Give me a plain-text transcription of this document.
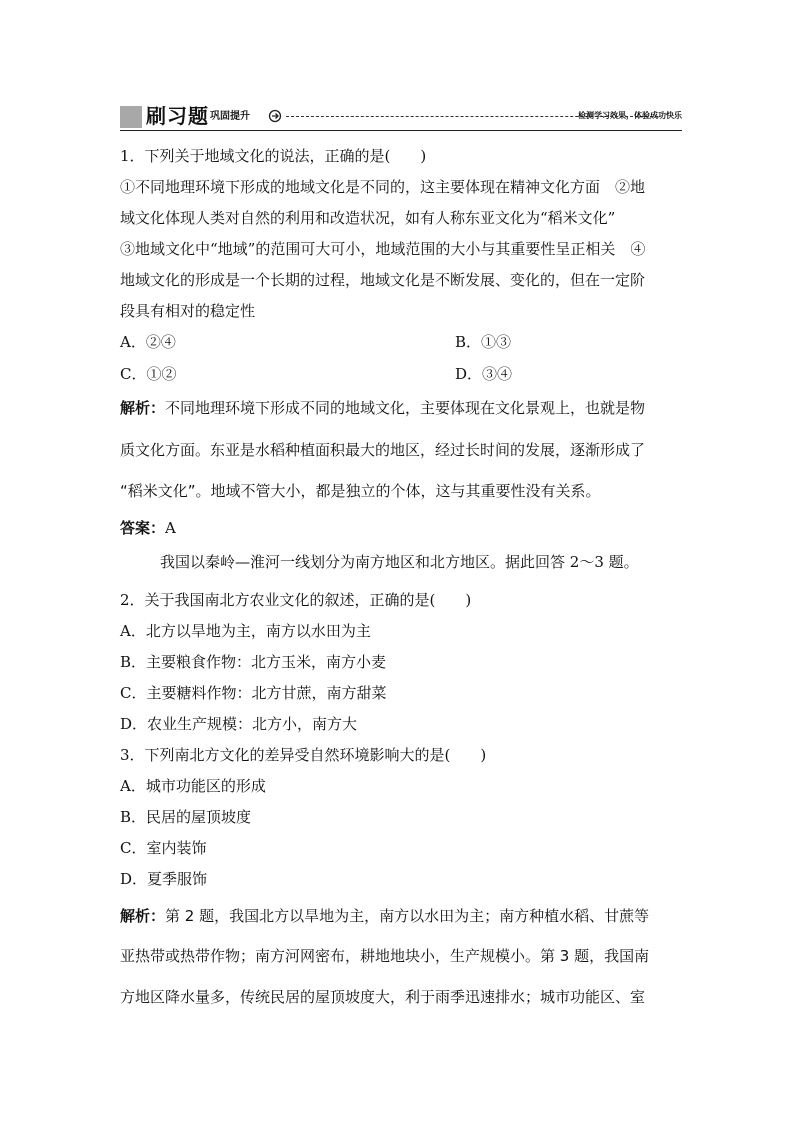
刷习题 巩固提升	检测学习效果，体验成功快乐
1．下列关于地域文化的说法，正确的是(　　)
①不同地理环境下形成的地域文化是不同的，这主要体现在精神文化方面　②地
域文化体现人类对自然的利用和改造状况，如有人称东亚文化为“稻米文化”
③地域文化中“地域”的范围可大可小，地域范围的大小与其重要性呈正相关　④
地域文化的形成是一个长期的过程，地域文化是不断发展、变化的，但在一定阶
段具有相对的稳定性
A．②④	B．①③
C．①②	D．③④
解析：不同地理环境下形成不同的地域文化，主要体现在文化景观上，也就是物
质文化方面。东亚是水稻种植面积最大的地区，经过长时间的发展，逐渐形成了
“稻米文化”。地域不管大小，都是独立的个体，这与其重要性没有关系。
答案：A
我国以秦岭—淮河一线划分为南方地区和北方地区。据此回答 2～3 题。
2．关于我国南北方农业文化的叙述，正确的是(　　)
A．北方以旱地为主，南方以水田为主
B．主要粮食作物：北方玉米，南方小麦
C．主要糖料作物：北方甘蔗，南方甜菜
D．农业生产规模：北方小，南方大
3．下列南北方文化的差异受自然环境影响大的是(　　)
A．城市功能区的形成
B．民居的屋顶坡度
C．室内装饰
D．夏季服饰
解析：第 2 题，我国北方以旱地为主，南方以水田为主；南方种植水稻、甘蔗等
亚热带或热带作物；南方河网密布，耕地地块小，生产规模小。第 3 题，我国南
方地区降水量多，传统民居的屋顶坡度大，利于雨季迅速排水；城市功能区、室
